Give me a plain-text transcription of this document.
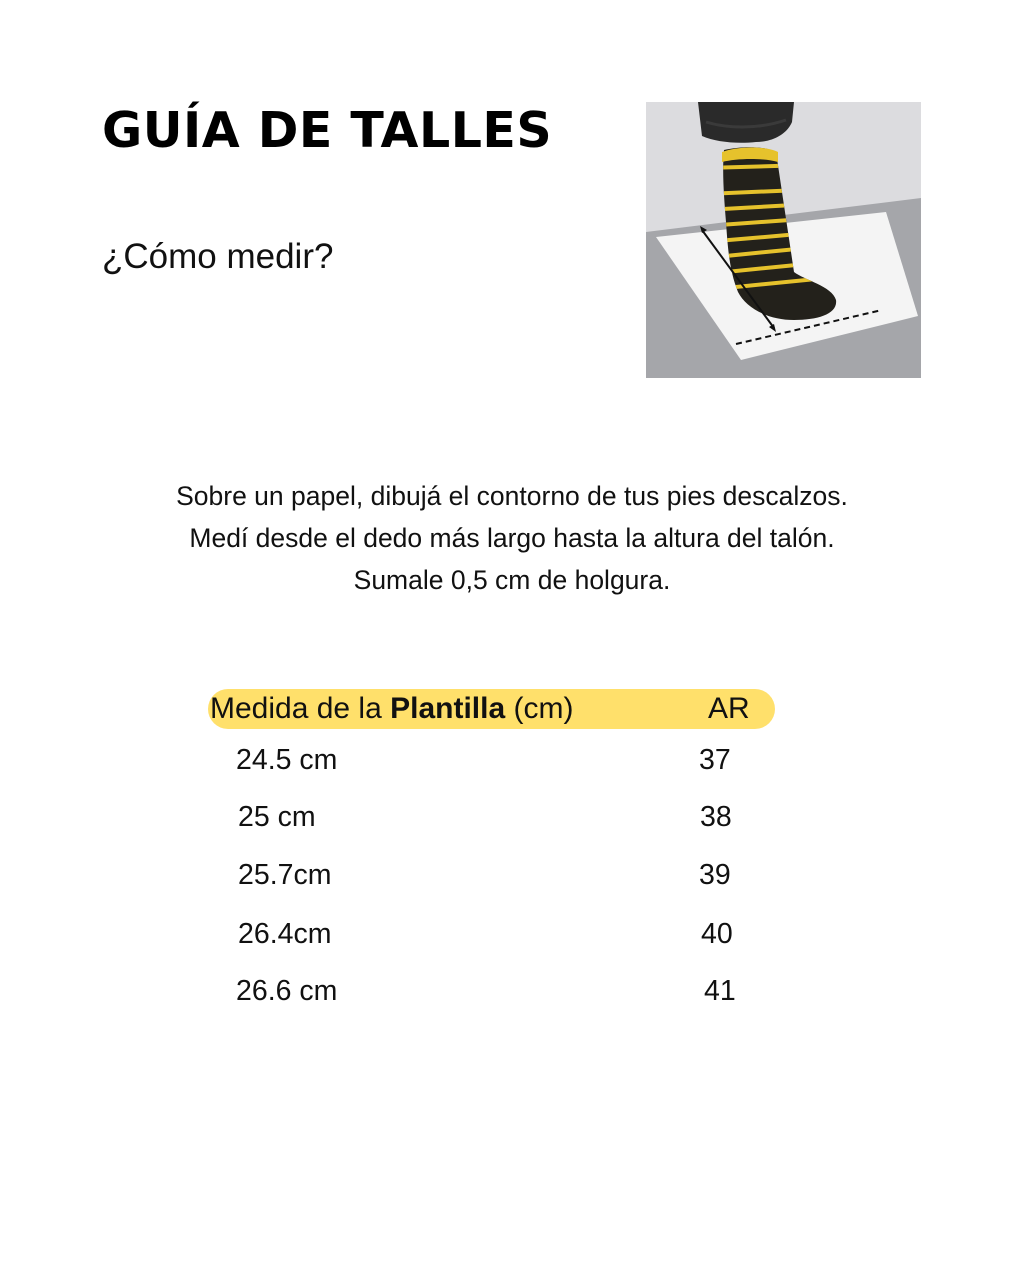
GUÍA DE TALLES

¿Cómo medir?

Sobre un papel, dibujá el contorno de tus pies descalzos.
Medí desde el dedo más largo hasta la altura del talón.
Sumale 0,5 cm de holgura.
Medida de la Plantilla (cm)	AR
24.5 cm	37
25 cm	38
25.7cm	39
26.4cm	40
26.6 cm	41
